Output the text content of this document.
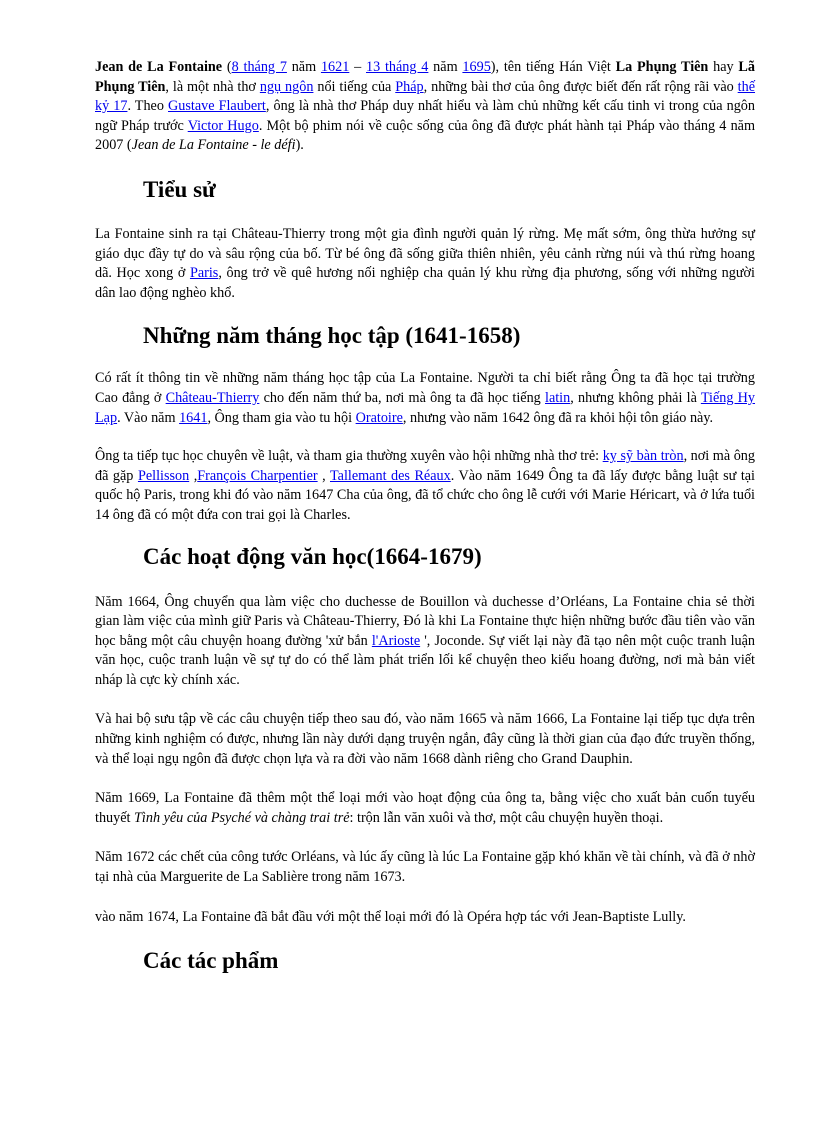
Jean de La Fontaine (8 tháng 7 năm 1621 – 13 tháng 4 năm 1695), tên tiếng Hán Việt La Phụng Tiên hay Lã Phụng Tiên, là một nhà thơ ngụ ngôn nổi tiếng của Pháp, những bài thơ của ông được biết đến rất rộng rãi vào thế kỷ 17. Theo Gustave Flaubert, ông là nhà thơ Pháp duy nhất hiểu và làm chủ những kết cấu tinh vi trong của ngôn ngữ Pháp trước Victor Hugo. Một bộ phim nói về cuộc sống của ông đã được phát hành tại Pháp vào tháng 4 năm 2007 (Jean de La Fontaine - le défi).

Tiểu sử

La Fontaine sinh ra tại Château-Thierry trong một gia đình người quản lý rừng. Mẹ mất sớm, ông thừa hưởng sự giáo dục đầy tự do và sâu rộng của bố. Từ bé ông đã sống giữa thiên nhiên, yêu cảnh rừng núi và thú rừng hoang dã. Học xong ở Paris, ông trở về quê hương nối nghiệp cha quản lý khu rừng địa phương, sống với những người dân lao động nghèo khổ.

Những năm tháng học tập (1641-1658)

Có rất ít thông tin về những năm tháng học tập của La Fontaine. Người ta chỉ biết rằng Ông ta đã học tại trường Cao đẳng ở Château-Thierry cho đến năm thứ ba, nơi mà ông ta đã học tiếng latin, nhưng không phải là Tiếng Hy Lạp. Vào năm 1641, Ông tham gia vào tu hội Oratoire, nhưng vào năm 1642 ông đã ra khỏi hội tôn giáo này.

Ông ta tiếp tục học chuyên về luật, và tham gia thường xuyên vào hội những nhà thơ trẻ: kỵ sỹ bàn tròn, nơi mà ông đã gặp Pellisson ,François Charpentier , Tallemant des Réaux. Vào năm 1649 Ông ta đã lấy được bằng luật sư tại quốc hộ Paris, trong khi đó vào năm 1647 Cha của ông, đã tổ chức cho ông lễ cưới với Marie Héricart, và ở lứa tuổi 14 ông đã có một đứa con trai gọi là Charles.

Các hoạt động văn học(1664-1679)

Năm 1664, Ông chuyển qua làm việc cho duchesse de Bouillon và duchesse d’Orléans, La Fontaine chia sẻ thời gian làm việc của mình giữ Paris và Château-Thierry, Đó là khi La Fontaine thực hiện những bước đầu tiên vào văn học bằng một câu chuyện hoang đường 'xử bắn l'Arioste ', Joconde. Sự viết lại này đã tạo nên một cuộc tranh luận văn học, cuộc tranh luận về sự tự do có thể làm phát triển lối kể chuyện theo kiểu hoang đường, nơi mà bản viết nháp là cực kỳ chính xác.

Và hai bộ sưu tập về các câu chuyện tiếp theo sau đó, vào năm 1665 và năm 1666, La Fontaine lại tiếp tục dựa trên những kinh nghiệm có được, nhưng lần này dưới dạng truyện ngắn, đây cũng là thời gian của đạo đức truyền thống, và thể loại ngụ ngôn đã được chọn lựa và ra đời vào năm 1668 dành riêng cho Grand Dauphin.

Năm 1669, La Fontaine đã thêm một thể loại mới vào hoạt động của ông ta, bằng việc cho xuất bản cuốn tuyểu thuyết Tình yêu của Psyché và chàng trai trẻ: trộn lẫn văn xuôi và thơ, một câu chuyện huyền thoại.

Năm 1672 các chết của công tước Orléans, và lúc ấy cũng là lúc La Fontaine gặp khó khăn về tài chính, và đã ở nhờ tại nhà của Marguerite de La Sablière trong năm 1673.

vào năm 1674, La Fontaine đã bắt đầu với một thể loại mới đó là Opéra hợp tác với Jean-Baptiste Lully.

Các tác phẩm
